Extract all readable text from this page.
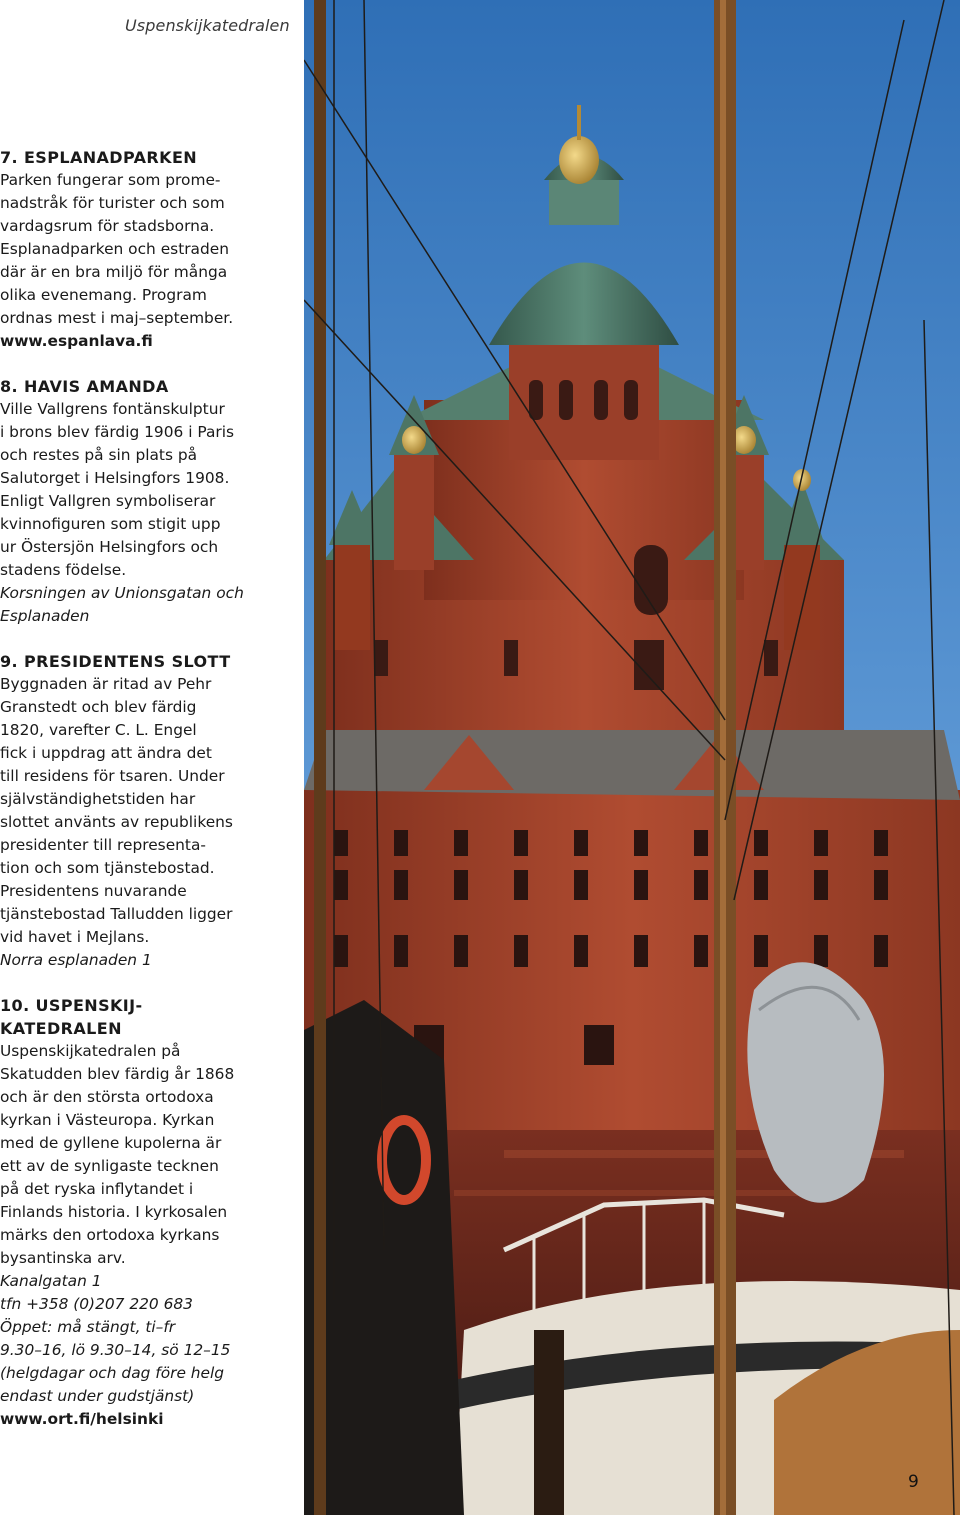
Uspenskijkatedralen
7. ESPLANADPARKEN
Parken fungerar som prome-
nadstråk för turister och som
vardagsrum för stadsborna.
Esplanadparken och estraden
där är en bra miljö för många
olika evenemang. Program
ordnas mest i maj–september.
www.espanlava.fi
8. HAVIS AMANDA
Ville Vallgrens fontänskulptur
i brons blev färdig 1906 i Paris
och restes på sin plats på
Salutorget i Helsingfors 1908.
Enligt Vallgren symboliserar
kvinnofiguren som stigit upp
ur Östersjön Helsingfors och
stadens födelse.
Korsningen av Unionsgatan och
Esplanaden
9. PRESIDENTENS SLOTT
Byggnaden är ritad av Pehr
Granstedt och blev färdig
1820, varefter C. L. Engel
fick i uppdrag att ändra det
till residens för tsaren. Under
självständighetstiden har
slottet använts av republikens
presidenter till representa-
tion och som tjänstebostad.
Presidentens nuvarande
tjänstebostad Talludden ligger
vid havet i Mejlans.
Norra esplanaden 1
10. USPENSKIJ-
KATEDRALEN
Uspenskijkatedralen på
Skatudden blev färdig år 1868
och är den största ortodoxa
kyrkan i Västeuropa. Kyrkan
med de gyllene kupolerna är
ett av de synligaste tecknen
på det ryska inflytandet i
Finlands historia. I kyrkosalen
märks den ortodoxa kyrkans
bysantinska arv.
Kanalgatan 1
tfn +358 (0)207 220 683
Öppet: må stängt, ti–fr
9.30–16, lö 9.30–14, sö 12–15
(helgdagar och dag före helg
endast under gudstjänst)
www.ort.fi/helsinki
9
